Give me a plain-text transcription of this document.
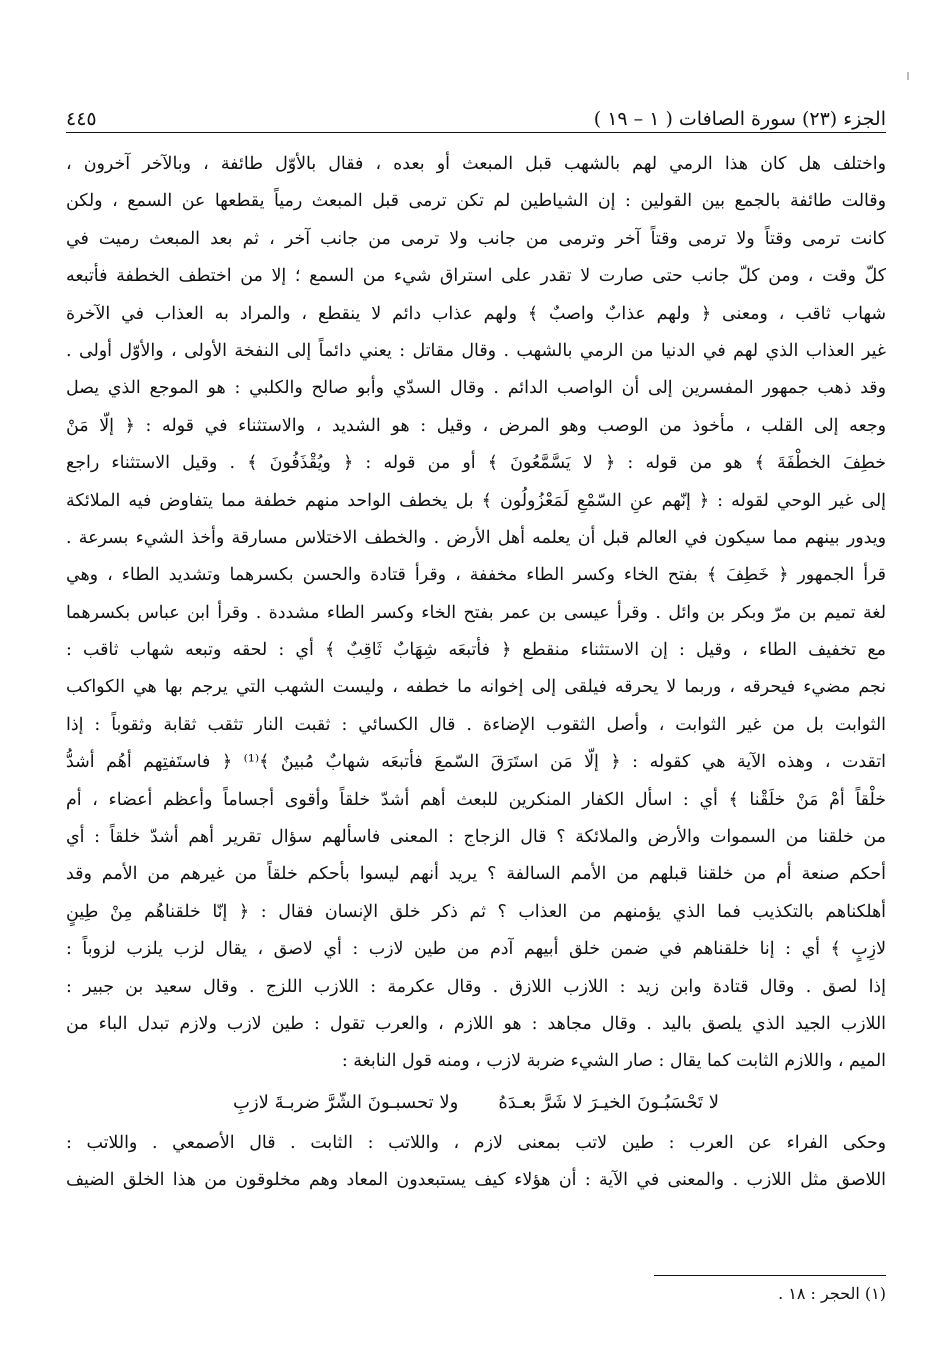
الجزء (٢٣) سورة الصافات ( ١ – ١٩ )
٤٤٥
واختلف هل كان هذا الرمي لهم بالشهب قبل المبعث أو بعده ، فقال بالأوّل طائفة ، وبالآخر آخرون ،
وقالت طائفة بالجمع بين القولين : إن الشياطين لم تكن ترمى قبل المبعث رمياً يقطعها عن السمع ، ولكن
كانت ترمى وقتاً ولا ترمى وقتاً آخر وترمى من جانب ولا ترمى من جانب آخر ، ثم بعد المبعث رميت في
كلّ وقت ، ومن كلّ جانب حتى صارت لا تقدر على استراق شيء من السمع ؛ إلا من اختطف الخطفة فأتبعه
شهاب ثاقب ، ومعنى ﴿ ولهم عذابٌ واصبٌ ﴾ ولهم عذاب دائم لا ينقطع ، والمراد به العذاب في الآخرة
غير العذاب الذي لهم في الدنيا من الرمي بالشهب . وقال مقاتل : يعني دائماً إلى النفخة الأولى ، والأوّل أولى .
وقد ذهب جمهور المفسرين إلى أن الواصب الدائم . وقال السدّي وأبو صالح والكلبي : هو الموجع الذي يصل
وجعه إلى القلب ، مأخوذ من الوصب وهو المرض ، وقيل : هو الشديد ، والاستثناء في قوله : ﴿ إلّا مَنْ
خطِفَ الخطْفَةَ ﴾ هو من قوله : ﴿ لا يَسَّمَّعُونَ ﴾ أو من قوله : ﴿ ويُقْذَفُونَ ﴾ . وقيل الاستثناء راجع
إلى غير الوحي لقوله : ﴿ إنّهم عنِ السّمْعِ لَمَعْزُولُون ﴾ بل يخطف الواحد منهم خطفة مما يتفاوض فيه الملائكة
ويدور بينهم مما سيكون في العالم قبل أن يعلمه أهل الأرض . والخطف الاختلاس مسارقة وأخذ الشيء بسرعة .
قرأ الجمهور ﴿ خَطِفَ ﴾ بفتح الخاء وكسر الطاء مخففة ، وقرأ قتادة والحسن بكسرهما وتشديد الطاء ، وهي
لغة تميم بن مرّ وبكر بن وائل . وقرأ عيسى بن عمر بفتح الخاء وكسر الطاء مشددة . وقرأ ابن عباس بكسرهما
مع تخفيف الطاء ، وقيل : إن الاستثناء منقطع ﴿ فأتبعَه شِهَابٌ ثَاقِبٌ ﴾ أي : لحقه وتبعه شهاب ثاقب :
نجم مضيء فيحرقه ، وربما لا يحرقه فيلقى إلى إخوانه ما خطفه ، وليست الشهب التي يرجم بها هي الكواكب
الثوابت بل من غير الثوابت ، وأصل الثقوب الإضاءة . قال الكسائي : ثقبت النار تثقب ثقابة وثقوباً : إذا
اتقدت ، وهذه الآية هي كقوله : ﴿ إلّا مَن استَرَقَ السّمعَ فأتبعَه شهابٌ مُبينٌ ﴾⁽¹⁾ ﴿ فاستَفتِهم أهُم أشدُّ
خلْقاً أمْ مَنْ خلَقْنا ﴾ أي : اسأل الكفار المنكرين للبعث أهم أشدّ خلقاً وأقوى أجساماً وأعظم أعضاء ، أم
من خلقنا من السموات والأرض والملائكة ؟ قال الزجاج : المعنى فاسألهم سؤال تقرير أهم أشدّ خلقاً : أي
أحكم صنعة أم من خلقنا قبلهم من الأمم السالفة ؟ يريد أنهم ليسوا بأحكم خلقاً من غيرهم من الأمم وقد
أهلكناهم بالتكذيب فما الذي يؤمنهم من العذاب ؟ ثم ذكر خلق الإنسان فقال : ﴿ إنّا خلقناهُم مِنْ طِينٍ
لازِبٍ ﴾ أي : إنا خلقناهم في ضمن خلق أبيهم آدم من طين لازب : أي لاصق ، يقال لزب يلزب لزوباً :
إذا لصق . وقال قتادة وابن زيد : اللازب اللازق . وقال عكرمة : اللازب اللزج . وقال سعيد بن جبير :
اللازب الجيد الذي يلصق باليد . وقال مجاهد : هو اللازم ، والعرب تقول : طين لازب ولازم تبدل الباء من
الميم ، واللازم الثابت كما يقال : صار الشيء ضربة لازب ، ومنه قول النابغة :
لا تَحْسَبُـونَ الخيـرَ لا شَرَّ بعـدَهُ
ولا تحسبـونَ الشّرَّ ضربـةَ لازبِ
وحكى الفراء عن العرب : طين لاتب بمعنى لازم ، واللاتب : الثابت . قال الأصمعي . واللاتب :
اللاصق مثل اللازب . والمعنى في الآية : أن هؤلاء كيف يستبعدون المعاد وهم مخلوقون من هذا الخلق الضيف
(١) الحجر : ١٨ .
